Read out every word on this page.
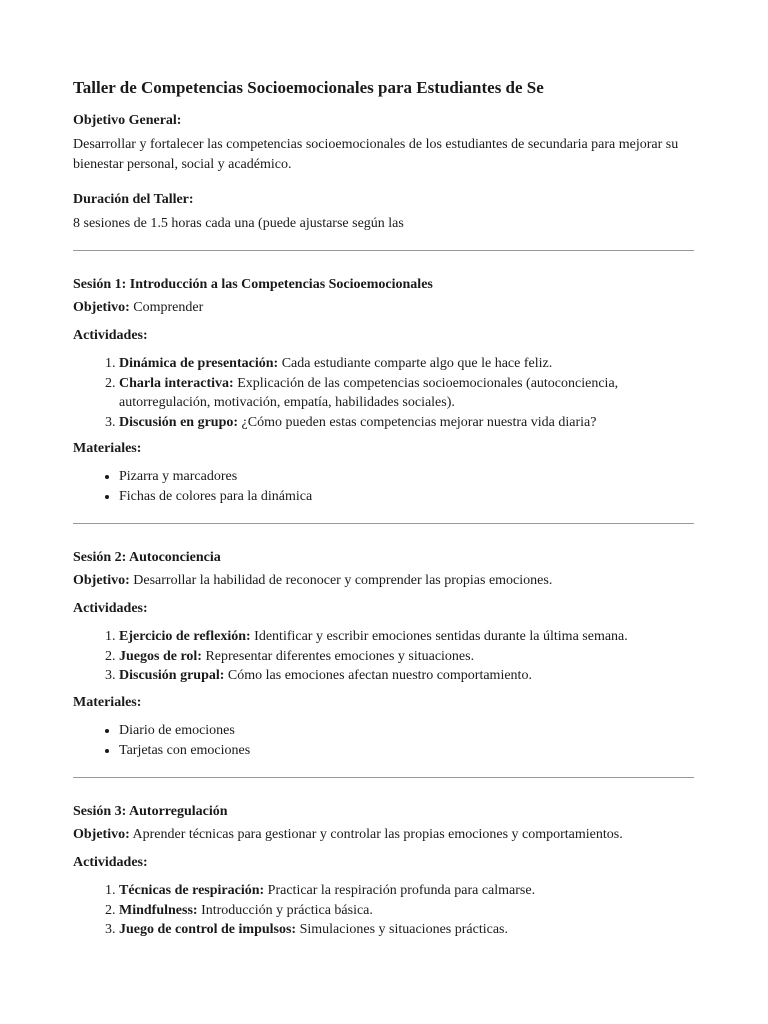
Taller de Competencias Socioemocionales para Estudiantes de Se
Objetivo General:
Desarrollar y fortalecer las competencias socioemocionales de los estudiantes de secundaria para mejorar su bienestar personal, social y académico.
Duración del Taller:
8 sesiones de 1.5 horas cada una (puede ajustarse según las
Sesión 1: Introducción a las Competencias Socioemocionales
Objetivo: Comprender
Actividades:
1. Dinámica de presentación: Cada estudiante comparte algo que le hace feliz.
2. Charla interactiva: Explicación de las competencias socioemocionales (autoconciencia, autorregulación, motivación, empatía, habilidades sociales).
3. Discusión en grupo: ¿Cómo pueden estas competencias mejorar nuestra vida diaria?
Materiales:
• Pizarra y marcadores
• Fichas de colores para la dinámica
Sesión 2: Autoconciencia
Objetivo: Desarrollar la habilidad de reconocer y comprender las propias emociones.
Actividades:
1. Ejercicio de reflexión: Identificar y escribir emociones sentidas durante la última semana.
2. Juegos de rol: Representar diferentes emociones y situaciones.
3. Discusión grupal: Cómo las emociones afectan nuestro comportamiento.
Materiales:
• Diario de emociones
• Tarjetas con emociones
Sesión 3: Autorregulación
Objetivo: Aprender técnicas para gestionar y controlar las propias emociones y comportamientos.
Actividades:
1. Técnicas de respiración: Practicar la respiración profunda para calmarse.
2. Mindfulness: Introducción y práctica básica.
3. Juego de control de impulsos: Simulaciones y situaciones prácticas.
